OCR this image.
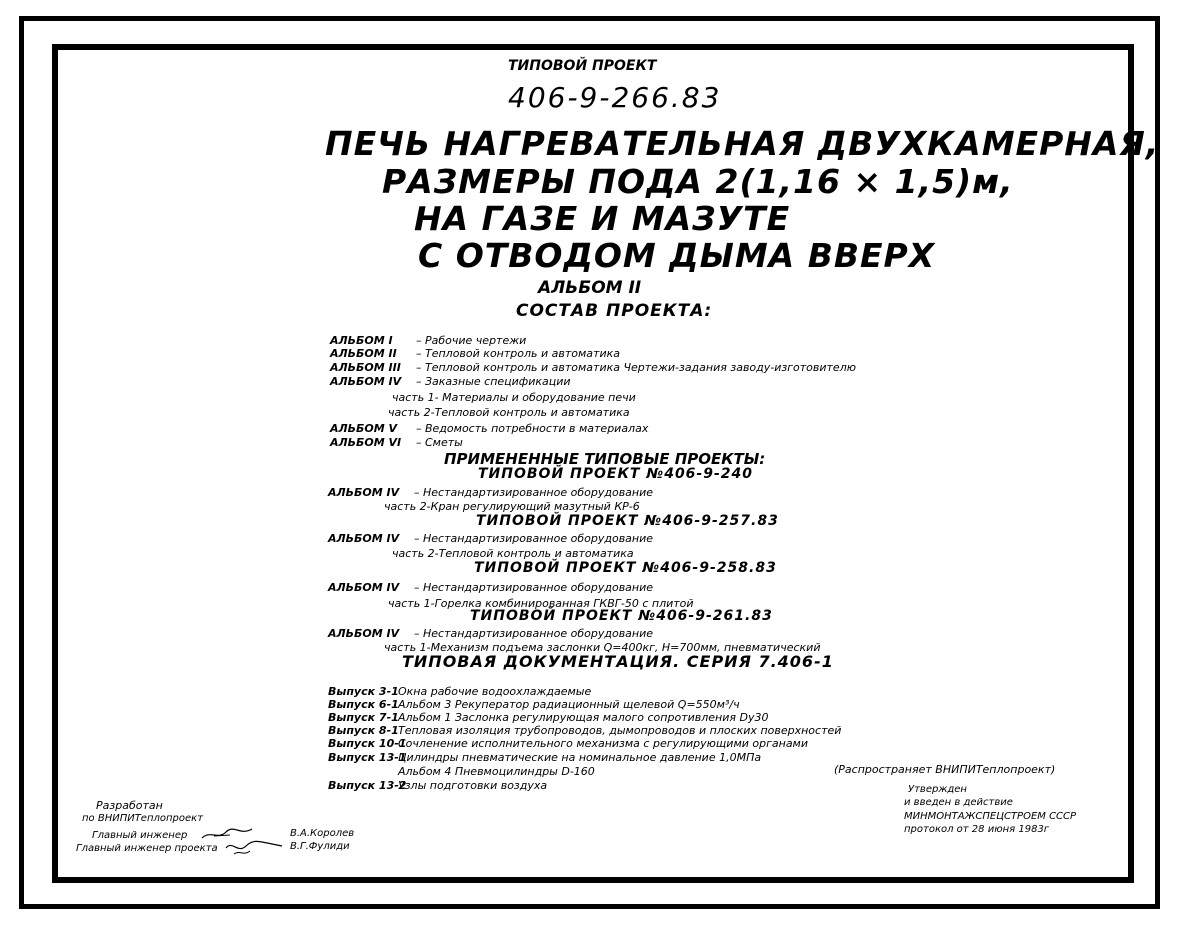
ТИПОВОЙ ПРОЕКТ
406-9-266.83
ПЕЧЬ НАГРЕВАТЕЛЬНАЯ ДВУХКАМЕРНАЯ,
РАЗМЕРЫ ПОДА 2(1,16 × 1,5)м,
НА ГАЗЕ И МАЗУТЕ
С ОТВОДОМ ДЫМА ВВЕРХ
АЛЬБОМ II
СОСТАВ ПРОЕКТА:
АЛЬБОМ I – Рабочие чертежи
АЛЬБОМ II – Тепловой контроль и автоматика
АЛЬБОМ III – Тепловой контроль и автоматика Чертежи-задания заводу-изготовителю
АЛЬБОМ IV – Заказные спецификации
часть 1- Материалы и оборудование печи
часть 2-Тепловой контроль и автоматика
АЛЬБОМ V – Ведомость потребности в материалах
АЛЬБОМ VI – Сметы
ПРИМЕНЕННЫЕ ТИПОВЫЕ ПРОЕКТЫ:
ТИПОВОЙ ПРОЕКТ №406-9-240
АЛЬБОМ IV – Нестандартизированное оборудование
часть 2-Кран регулирующий мазутный КР-6
ТИПОВОЙ ПРОЕКТ №406-9-257.83
АЛЬБОМ IV – Нестандартизированное оборудование
часть 2-Тепловой контроль и автоматика
ТИПОВОЙ ПРОЕКТ №406-9-258.83
АЛЬБОМ IV – Нестандартизированное оборудование
часть 1-Горелка комбинированная ГКВГ-50 с плитой
ТИПОВОЙ ПРОЕКТ №406-9-261.83
АЛЬБОМ IV – Нестандартизированное оборудование
часть 1-Механизм подъема заслонки Q=400кг, H=700мм, пневматический
ТИПОВАЯ ДОКУМЕНТАЦИЯ. СЕРИЯ 7.406-1
Выпуск 3-1Окна рабочие водоохлаждаемые
Выпуск 6-1Альбом 3 Рекуператор радиационный щелевой Q=550м³/ч
Выпуск 7-1Альбом 1 Заслонка регулирующая малого сопротивления Dу30
Выпуск 8-1Тепловая изоляция трубопроводов, дымопроводов и плоских поверхностей
Выпуск 10-1Сочленение исполнительного механизма с регулирующими органами
Выпуск 13-1Цилиндры пневматические на номинальное давление 1,0МПа
Альбом 4 Пневмоцилиндры D-160
Выпуск 13-2Узлы подготовки воздуха
Разработан
по ВНИПИТеплопроект
Главный инженер	В.А.Королев
Главный инженер проекта	В.Г.Фулиди
(Распространяет ВНИПИТеплопроект)
Утвержден
и введен в действие
МИНМОНТАЖСПЕЦСТРОЕМ СССР
протокол от 28 июня 1983г
